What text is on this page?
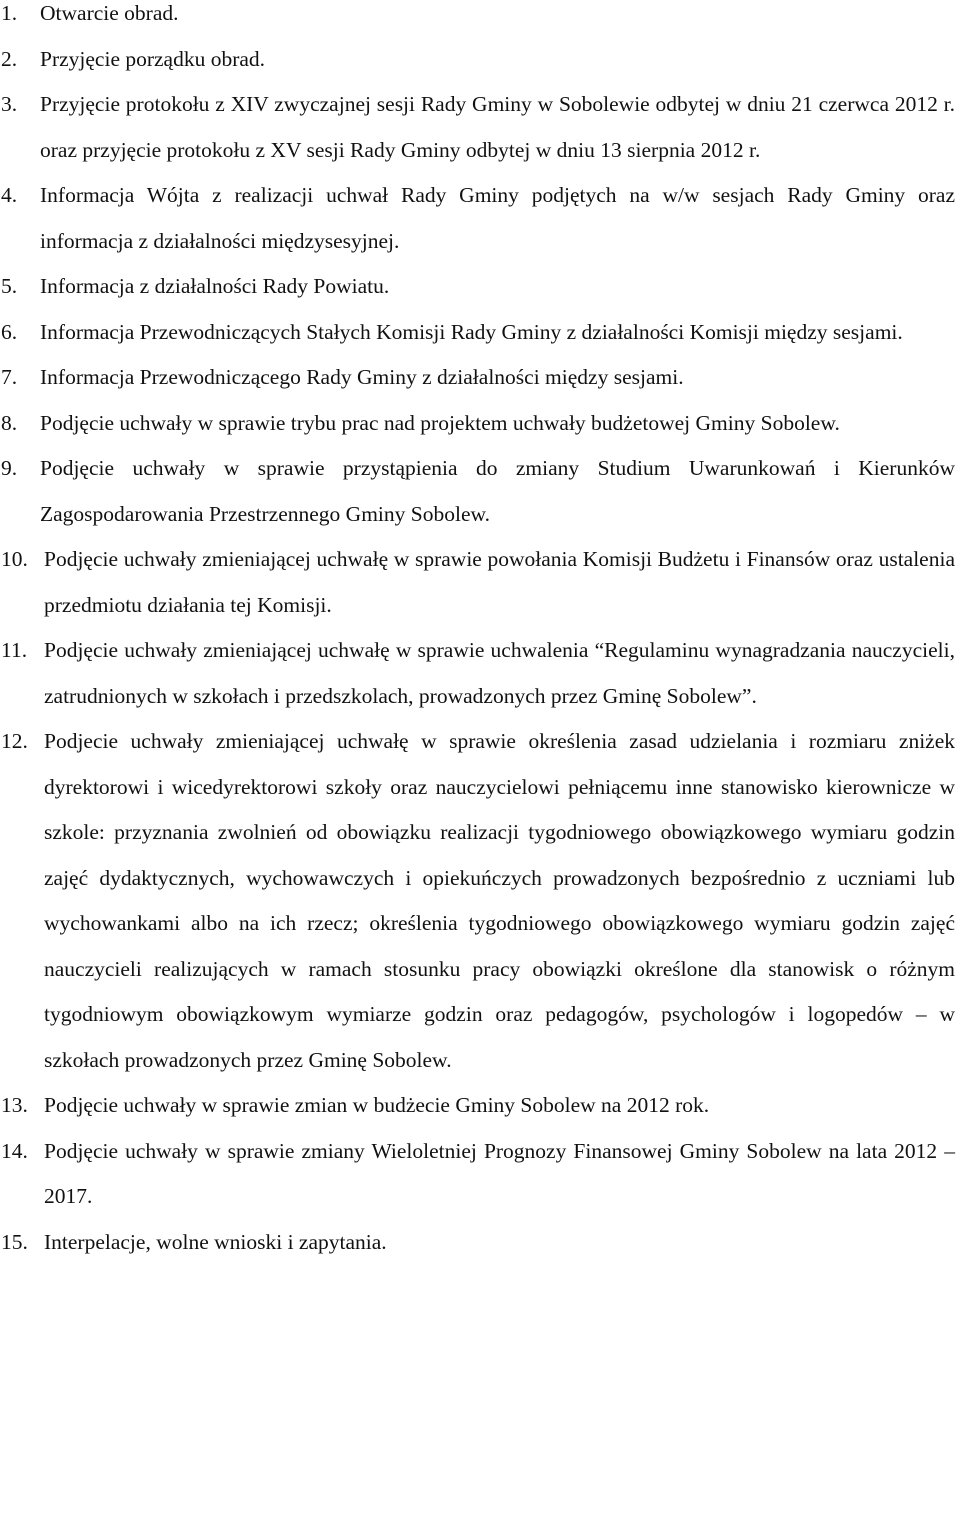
1.	Otwarcie obrad.
2.	Przyjęcie porządku obrad.
3.	Przyjęcie protokołu z XIV zwyczajnej sesji Rady Gminy w Sobolewie odbytej w dniu 21 czerwca 2012 r. oraz przyjęcie protokołu z XV sesji Rady Gminy odbytej w dniu 13 sierpnia 2012 r.
4.	Informacja Wójta z realizacji uchwał Rady Gminy podjętych na w/w sesjach Rady Gminy oraz informacja z działalności międzysesyjnej.
5.	Informacja z działalności Rady Powiatu.
6.	Informacja Przewodniczących Stałych Komisji Rady Gminy z działalności Komisji między sesjami.
7.	Informacja Przewodniczącego Rady Gminy z działalności między sesjami.
8.	Podjęcie uchwały w sprawie trybu prac nad projektem uchwały budżetowej Gminy Sobolew.
9.	Podjęcie uchwały w sprawie przystąpienia do zmiany Studium Uwarunkowań i Kierunków Zagospodarowania Przestrzennego Gminy Sobolew.
10. Podjęcie uchwały zmieniającej uchwałę w sprawie powołania Komisji Budżetu i Finansów oraz ustalenia przedmiotu działania tej Komisji.
11. Podjęcie uchwały zmieniającej uchwałę w sprawie uchwalenia “Regulaminu wynagradzania nauczycieli, zatrudnionych w szkołach i przedszkolach, prowadzonych przez Gminę Sobolew”.
12. Podjecie uchwały zmieniającej uchwałę w sprawie określenia zasad udzielania i rozmiaru zniżek dyrektorowi i wicedyrektorowi szkoły oraz nauczycielowi pełniącemu inne stanowisko kierownicze w szkole: przyznania zwolnień od obowiązku realizacji tygodniowego obowiązkowego wymiaru godzin zajęć dydaktycznych, wychowawczych i opiekuńczych prowadzonych bezpośrednio z uczniami lub wychowankami albo na ich rzecz; określenia tygodniowego obowiązkowego wymiaru godzin zajęć nauczycieli realizujących w ramach stosunku pracy obowiązki określone dla stanowisk o różnym tygodniowym obowiązkowym wymiarze godzin oraz pedagogów, psychologów i logopedów – w szkołach prowadzonych przez Gminę Sobolew.
13. Podjęcie uchwały w sprawie zmian w budżecie Gminy Sobolew na 2012 rok.
14. Podjęcie uchwały w sprawie zmiany Wieloletniej Prognozy Finansowej Gminy Sobolew na lata 2012 – 2017.
15. Interpelacje, wolne wnioski i zapytania.
